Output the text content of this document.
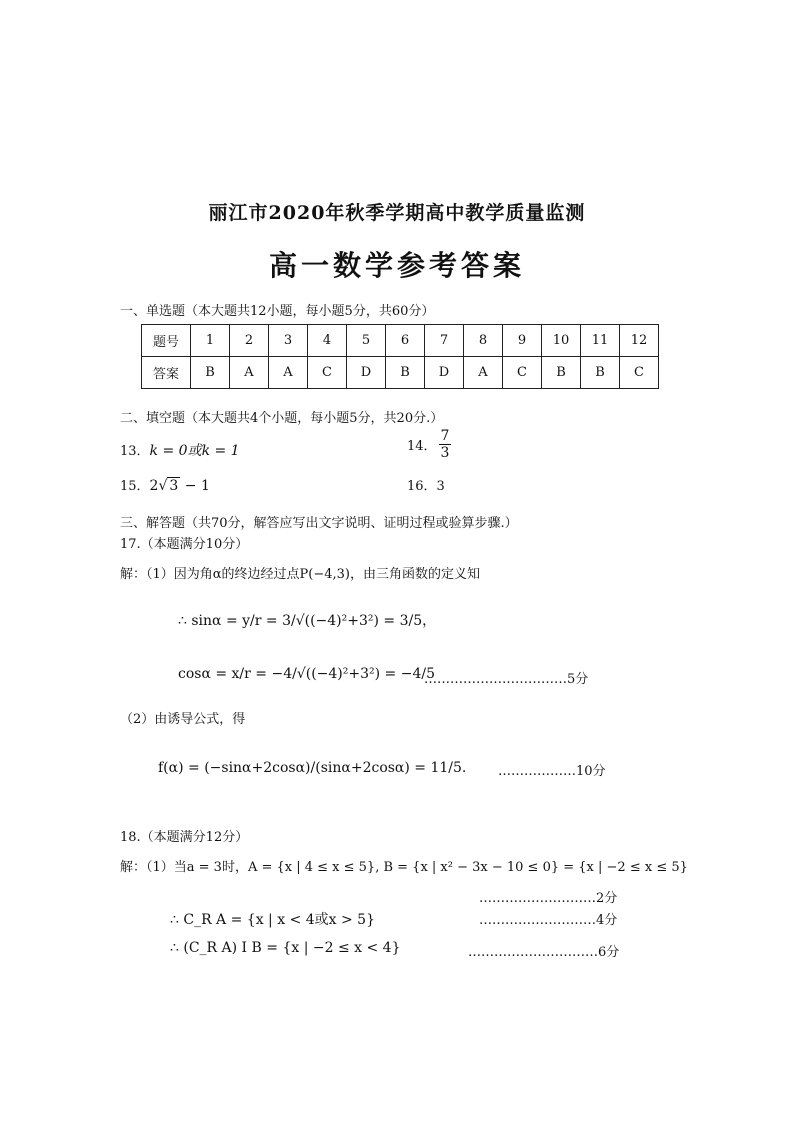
丽江市2020年秋季学期高中教学质量监测
高一数学参考答案
一、单选题（本大题共12小题，每小题5分，共60分）
题号	1	2	3	4	5	6	7	8	9	10	11	12
答案	B	A	A	C	D	B	D	A	C	B	B	C
二、填空题（本大题共4个小题，每小题5分，共20分.）
13．k = 0或k = 1	14． $\frac{7}{3}$
15．2√ 3 − 1	16．3
三、解答题（共70分，解答应写出文字说明、证明过程或验算步骤.）
17.（本题满分10分）
解：（1）因为角α的终边经过点P(−4,3)，由三角函数的定义知
∴ sinα = y/r = 3/√((−4)²+3²) = 3/5，
cosα = x/r = −4/√((−4)²+3²) = −4/5
……………………………5分
（2）由诱导公式，得
f(α) = (−sinα+2cosα)/(sinα+2cosα) = 11/5. ………………10分
18.（本题满分12分）
解：（1）当a = 3时，A = {x | 4 ≤ x ≤ 5}, B = {x | x² − 3x − 10 ≤ 0} = {x | −2 ≤ x ≤ 5}
………………………2分
∴ C_R A = {x | x < 4或x > 5}	………………………4分
∴ (C_R A) I B = {x | −2 ≤ x < 4}	…………………………6分
